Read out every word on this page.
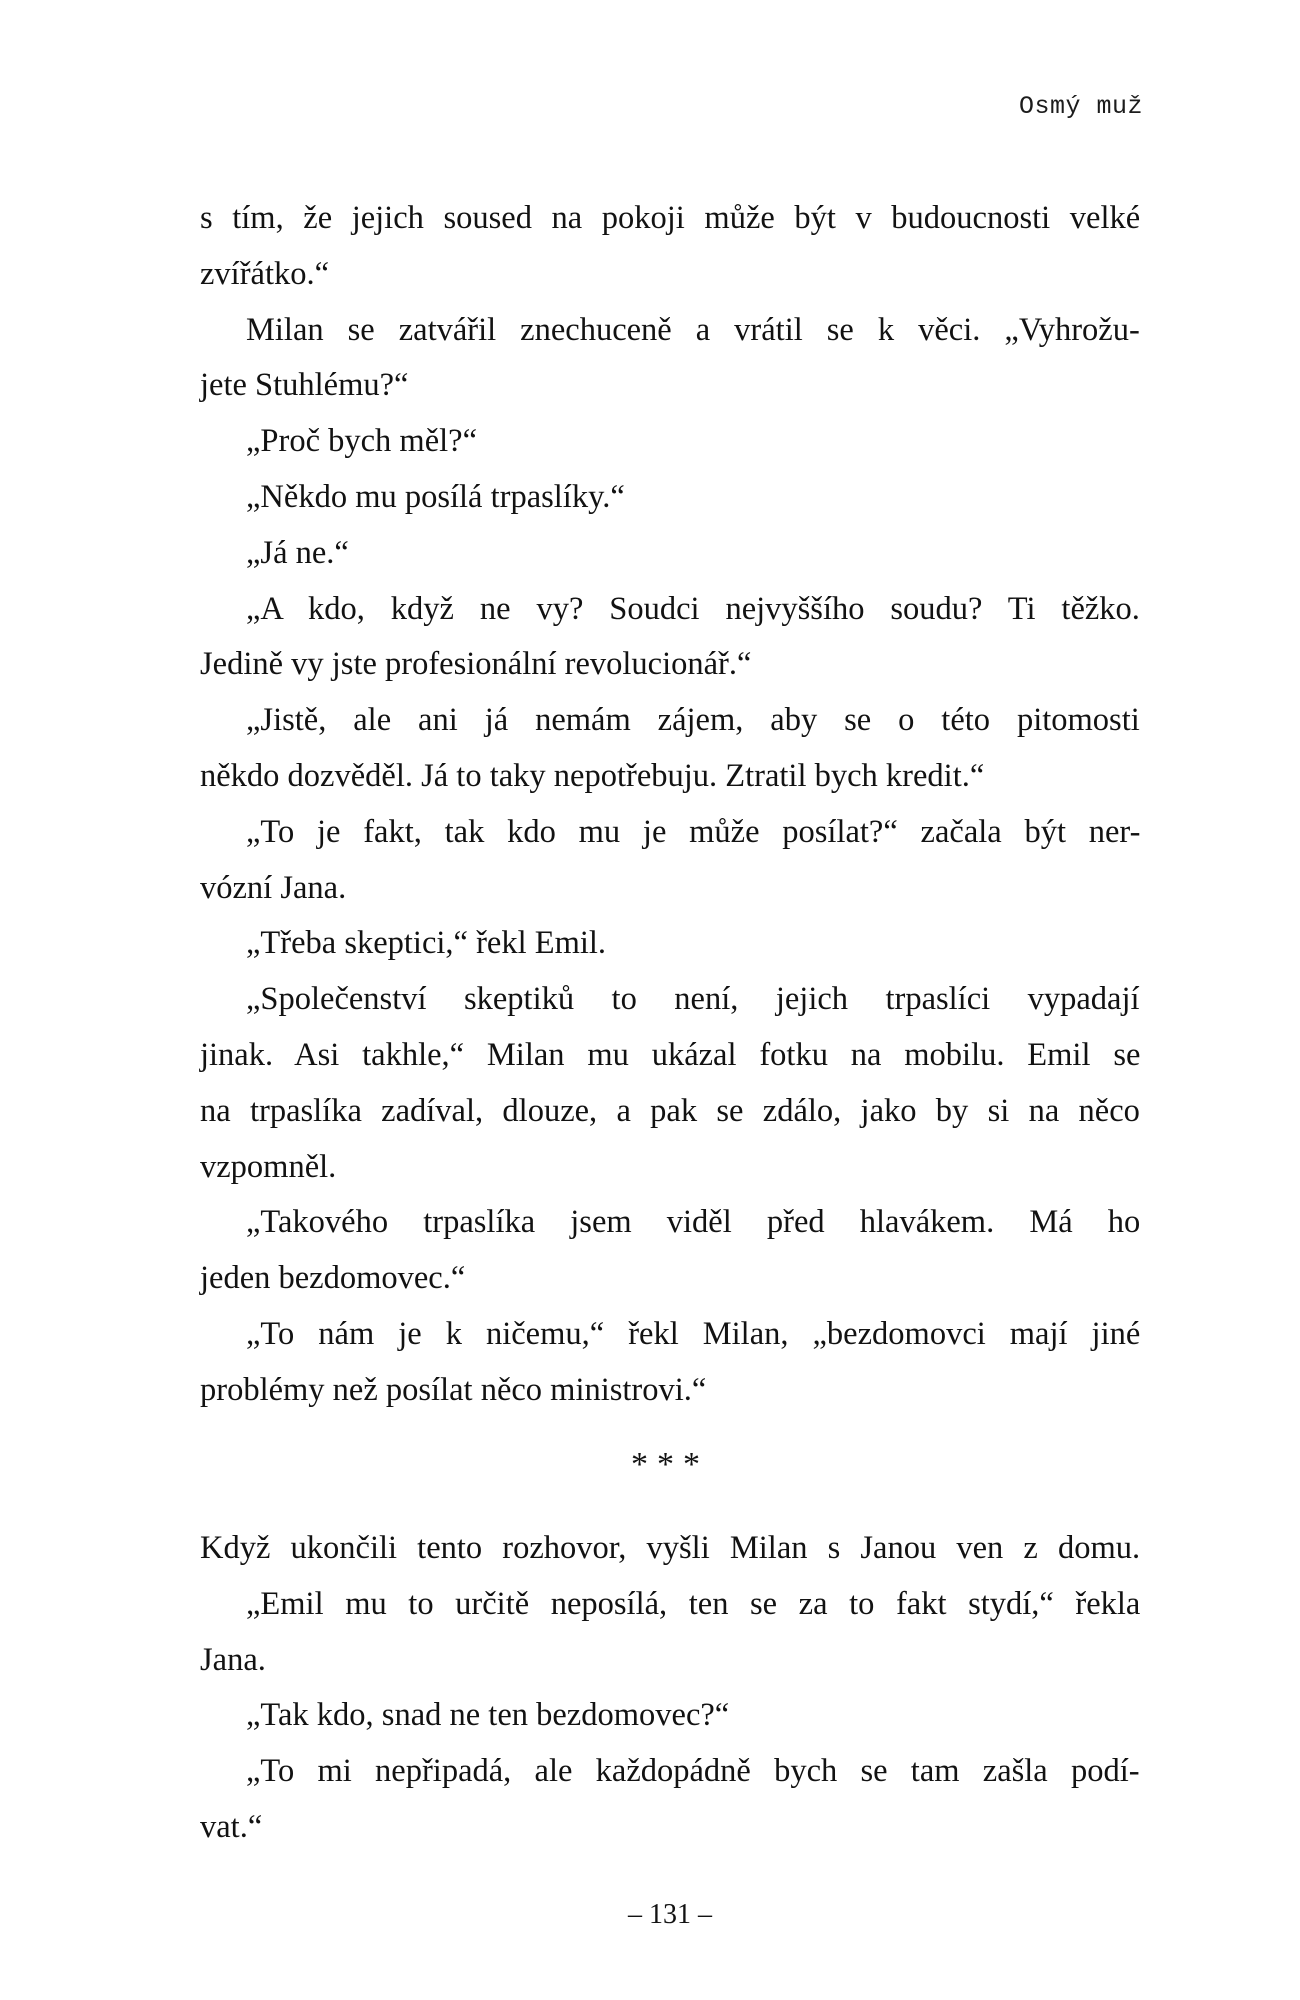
Osmý muž
s tím, že jejich soused na pokoji může být v budoucnosti velké
zvířátko.“
Milan se zatvářil znechuceně a vrátil se k věci. „Vyhrožu-
jete Stuhlému?“
„Proč bych měl?“
„Někdo mu posílá trpaslíky.“
„Já ne.“
„A kdo, když ne vy? Soudci nejvyššího soudu? Ti těžko.
Jedině vy jste profesionální revolucionář.“
„Jistě, ale ani já nemám zájem, aby se o této pitomosti
někdo dozvěděl. Já to taky nepotřebuju. Ztratil bych kredit.“
„To je fakt, tak kdo mu je může posílat?“ začala být ner-
vózní Jana.
„Třeba skeptici,“ řekl Emil.
„Společenství skeptiků to není, jejich trpaslíci vypadají
jinak. Asi takhle,“ Milan mu ukázal fotku na mobilu. Emil se
na trpaslíka zadíval, dlouze, a pak se zdálo, jako by si na něco
vzpomněl.
„Takového trpaslíka jsem viděl před hlavákem. Má ho
jeden bezdomovec.“
„To nám je k ničemu,“ řekl Milan, „bezdomovci mají jiné
problémy než posílat něco ministrovi.“
***
Když ukončili tento rozhovor, vyšli Milan s Janou ven z domu.
„Emil mu to určitě neposílá, ten se za to fakt stydí,“ řekla
Jana.
„Tak kdo, snad ne ten bezdomovec?“
„To mi nepřipadá, ale každopádně bych se tam zašla podí-
vat.“
– 131 –
